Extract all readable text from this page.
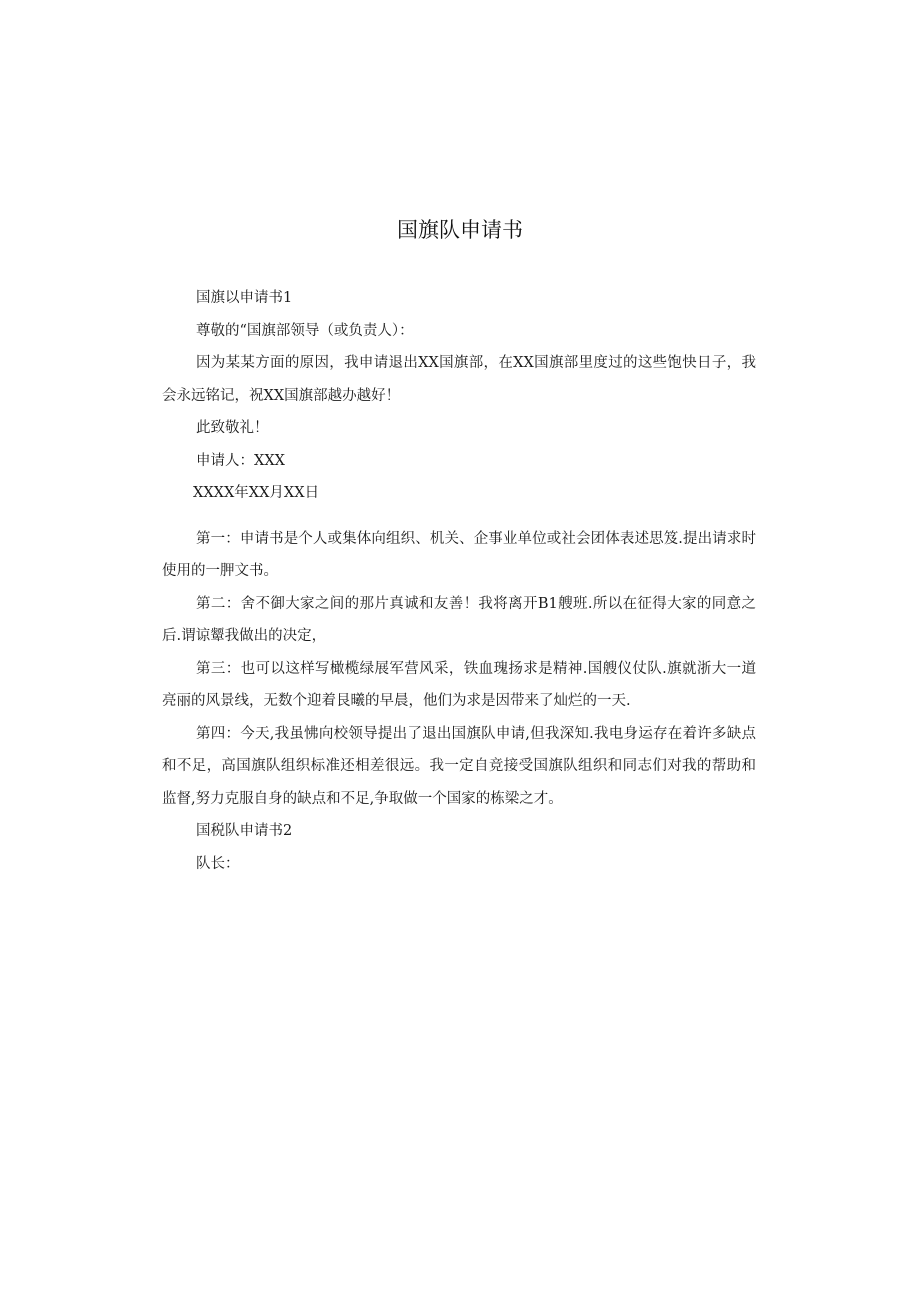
国旗队申请书

国旗以申请书1

尊敬的“国旗部领导（或负责人）：

因为某某方面的原因，我申请退出XX国旗部，在XX国旗部里度过的这些饱快日子，我会永远铭记，祝XX国旗部越办越好！

此致敬礼！

申请人：XXX

XXXX年XX月XX日

第一：申请书是个人或集体向组织、机关、企事业单位或社会团体表述思笈.提出请求时使用的一胛文书。

第二：舍不御大家之间的那片真诚和友善！我将离开B1艘班.所以在征得大家的同意之后.谓谅颦我做出的决定，

第三：也可以这样写橄榄绿展军营风采，铁血瑰扬求是精神.国艘仪仗队.旗就浙大一道亮丽的风景线，无数个迎着艮曦的早晨，他们为求是因带来了灿烂的一天.

第四：今天,我虽怫向校领导提出了退出国旗队申请,但我深知.我电身运存在着许多缺点和不足，高国旗队组织标准还相差很远。我一定自竞接受国旗队组织和同志们对我的帮助和监督,努力克服自身的缺点和不足,争取做一个国家的栋梁之才。

国税队申请书2

队长：
